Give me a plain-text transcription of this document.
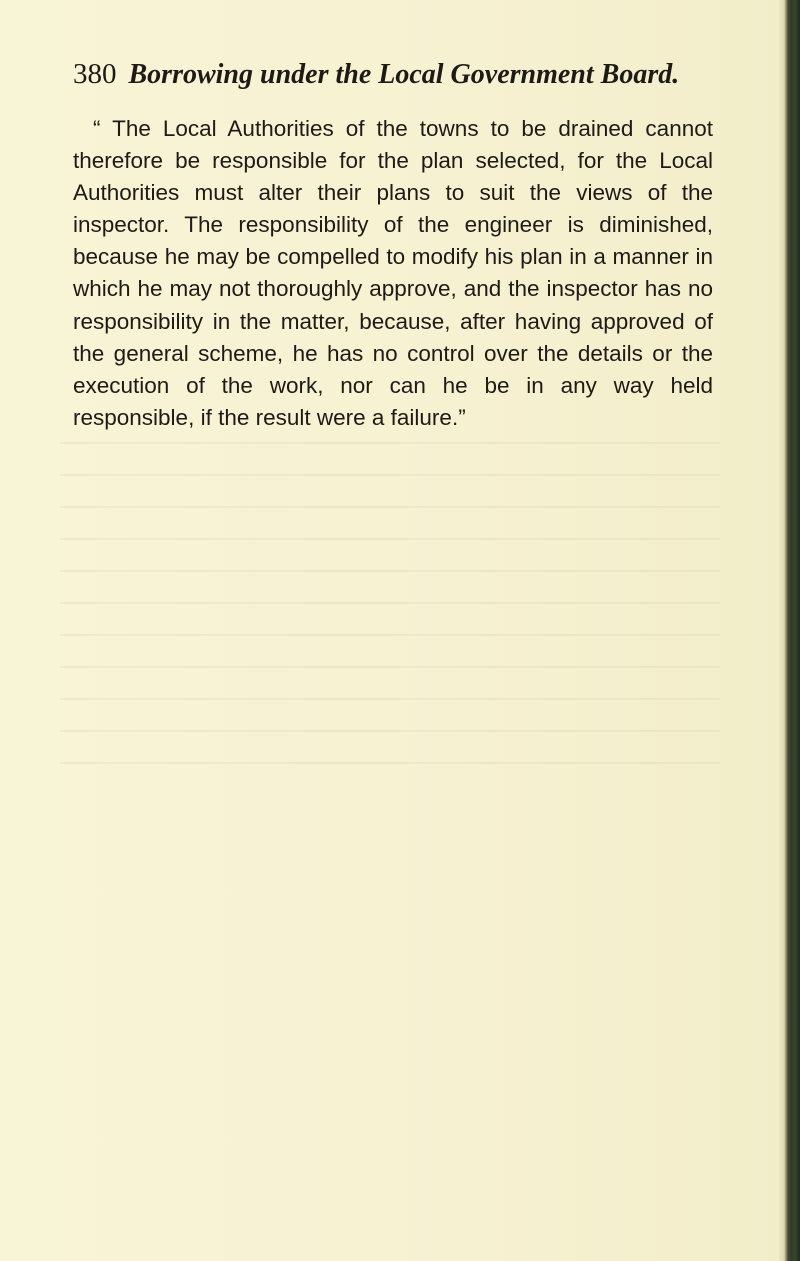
380 Borrowing under the Local Government Board.

“ The Local Authorities of the towns to be drained cannot therefore be responsible for the plan selected, for the Local Authorities must alter their plans to suit the views of the inspector. The responsibility of the engineer is diminished, because he may be compelled to modify his plan in a manner in which he may not thoroughly approve, and the inspector has no responsibility in the matter, because, after having approved of the general scheme, he has no control over the details or the execution of the work, nor can he be in any way held responsible, if the result were a failure.”
